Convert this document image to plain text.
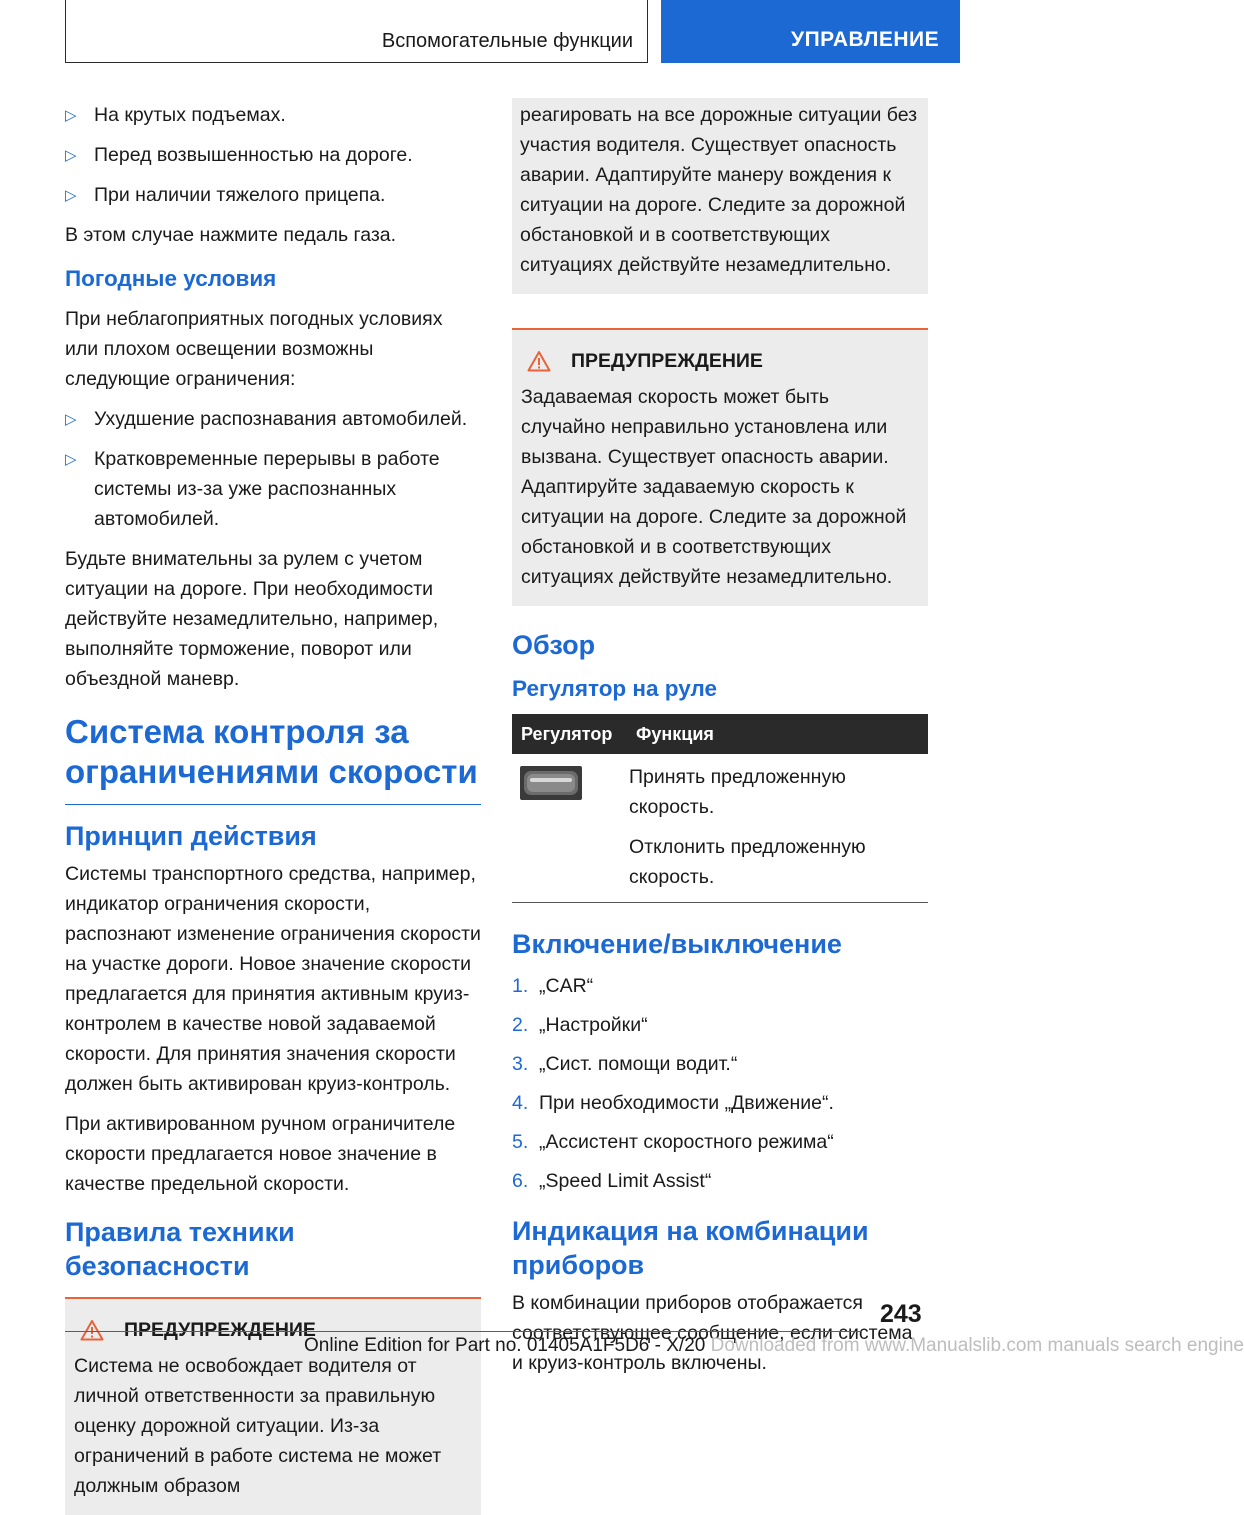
Вспомогательные функции	УПРАВЛЕНИЕ
▷ На крутых подъемах.
▷ Перед возвышенностью на дороге.
▷ При наличии тяжелого прицепа.

В этом случае нажмите педаль газа.

Погодные условия

При неблагоприятных погодных условиях или плохом освещении возможны следующие ограничения:

▷ Ухудшение распознавания автомобилей.
▷ Кратковременные перерывы в работе системы из-за уже распознанных автомобилей.

Будьте внимательны за рулем с учетом ситуации на дороге. При необходимости действуйте незамедлительно, например, выполняйте торможение, поворот или объездной маневр.

Система контроля за ограничениями скорости
Принцип действия

Системы транспортного средства, например, индикатор ограничения скорости, распознают изменение ограничения скорости на участке дороги. Новое значение скорости предлагается для принятия активным круиз-контролем в качестве новой задаваемой скорости. Для принятия значения скорости должен быть активирован круиз-контроль.

При активированном ручном ограничителе скорости предлагается новое значение в качестве предельной скорости.

Правила техники безопасности
ПРЕДУПРЕЖДЕНИЕ
Система не освобождает водителя от личной ответственности за правильную оценку дорожной ситуации. Из-за ограничений в работе система не может должным образом
реагировать на все дорожные ситуации без участия водителя. Существует опасность аварии. Адаптируйте манеру вождения к ситуации на дороге. Следите за дорожной обстановкой и в соответствующих ситуациях действуйте незамедлительно.
ПРЕДУПРЕЖДЕНИЕ
Задаваемая скорость может быть случайно неправильно установлена или вызвана. Существует опасность аварии. Адаптируйте задаваемую скорость к ситуации на дороге. Следите за дорожной обстановкой и в соответствующих ситуациях действуйте незамедлительно.
Обзор
Регулятор на руле
Регулятор	Функция

Принять предложенную скорость.

Отклонить предложенную скорость.

Включение/выключение
1. „CAR“
2. „Настройки“
3. „Сист. помощи водит.“
4. При необходимости „Движение“.
5. „Ассистент скоростного режима“
6. „Speed Limit Assist“
Индикация на комбинации приборов

В комбинации приборов отображается соответствующее сообщение, если система и круиз-контроль включены.

243
Online Edition for Part no. 01405A1F5D6 - X/20 Downloaded from www.Manualslib.com manuals search engine
